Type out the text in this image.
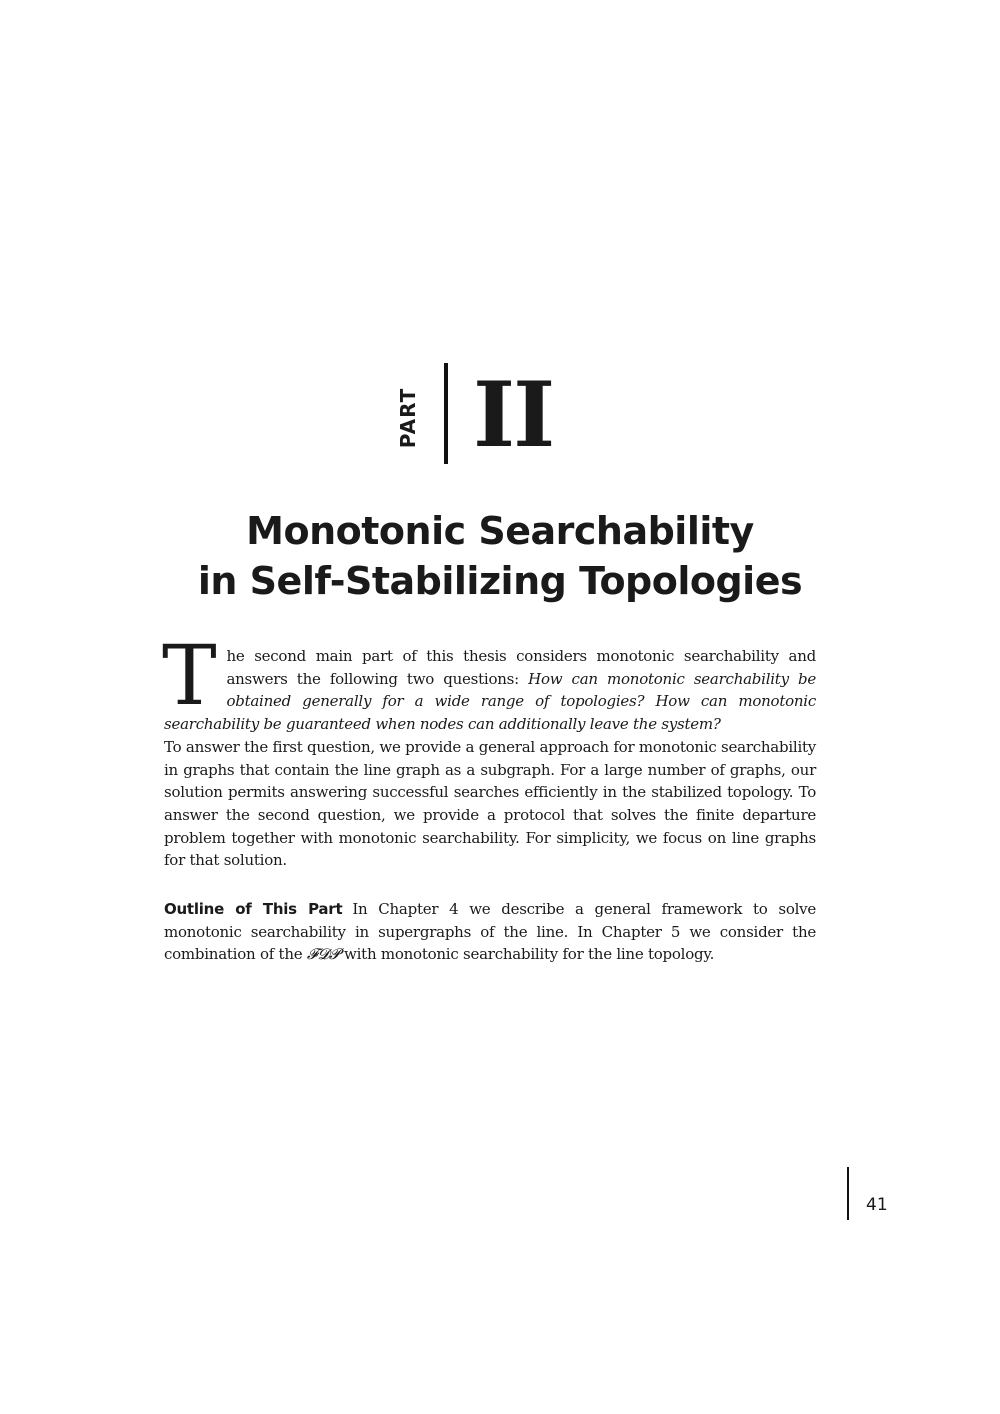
PART II
Monotonic Searchability
in Self-Stabilizing Topologies

The second main part of this thesis considers monotonic searchability and answers the following two questions: How can monotonic searchability be obtained generally for a wide range of topologies? How can monotonic searchability be guaranteed when nodes can additionally leave the system?

To answer the first question, we provide a general approach for monotonic searchability in graphs that contain the line graph as a subgraph. For a large number of graphs, our solution permits answering successful searches efficiently in the stabilized topology. To answer the second question, we provide a protocol that solves the finite departure problem together with monotonic searchability. For simplicity, we focus on line graphs for that solution.

Outline of This Part In Chapter 4 we describe a general framework to solve monotonic searchability in supergraphs of the line. In Chapter 5 we consider the combination of the 𝓕𝓓𝓟 with monotonic searchability for the line topology.

41
